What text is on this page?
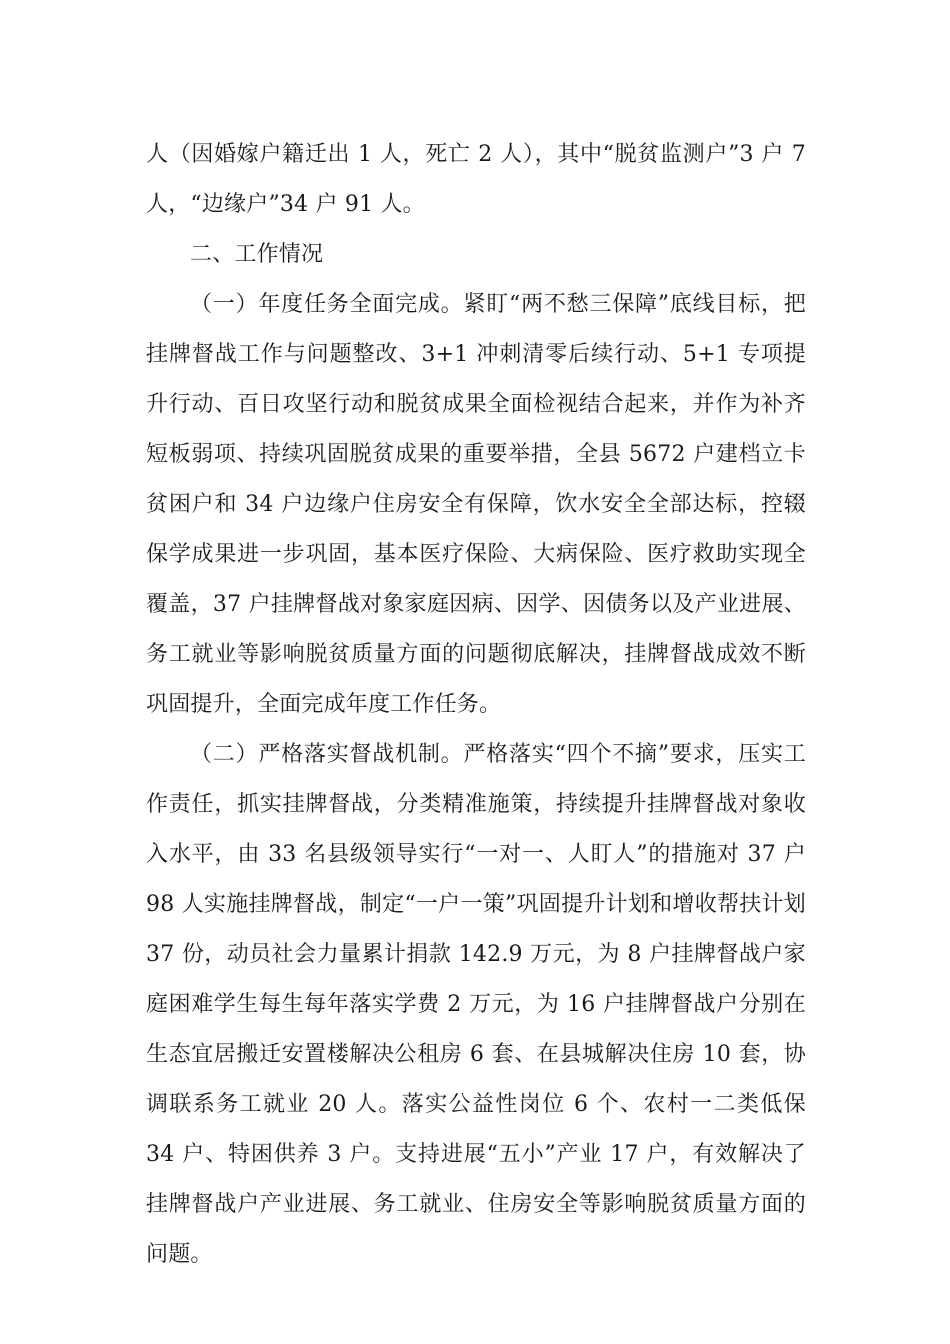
人（因婚嫁户籍迁出 1 人，死亡 2 人），其中“脱贫监测户”3 户 7 人，“边缘户”34 户 91 人。

二、工作情况

（一）年度任务全面完成。紧盯“两不愁三保障”底线目标，把挂牌督战工作与问题整改、3+1 冲刺清零后续行动、5+1 专项提升行动、百日攻坚行动和脱贫成果全面检视结合起来，并作为补齐短板弱项、持续巩固脱贫成果的重要举措，全县 5672 户建档立卡贫困户和 34 户边缘户住房安全有保障，饮水安全全部达标，控辍保学成果进一步巩固，基本医疗保险、大病保险、医疗救助实现全覆盖，37 户挂牌督战对象家庭因病、因学、因债务以及产业进展、务工就业等影响脱贫质量方面的问题彻底解决，挂牌督战成效不断巩固提升，全面完成年度工作任务。

（二）严格落实督战机制。严格落实“四个不摘”要求，压实工作责任，抓实挂牌督战，分类精准施策，持续提升挂牌督战对象收入水平，由 33 名县级领导实行“一对一、人盯人”的措施对 37 户 98 人实施挂牌督战，制定“一户一策”巩固提升计划和增收帮扶计划 37 份，动员社会力量累计捐款 142.9 万元，为 8 户挂牌督战户家庭困难学生每生每年落实学费 2 万元，为 16 户挂牌督战户分别在生态宜居搬迁安置楼解决公租房 6 套、在县城解决住房 10 套，协调联系务工就业 20 人。落实公益性岗位 6 个、农村一二类低保 34 户、特困供养 3 户。支持进展“五小”产业 17 户，有效解决了挂牌督战户产业进展、务工就业、住房安全等影响脱贫质量方面的问题。
